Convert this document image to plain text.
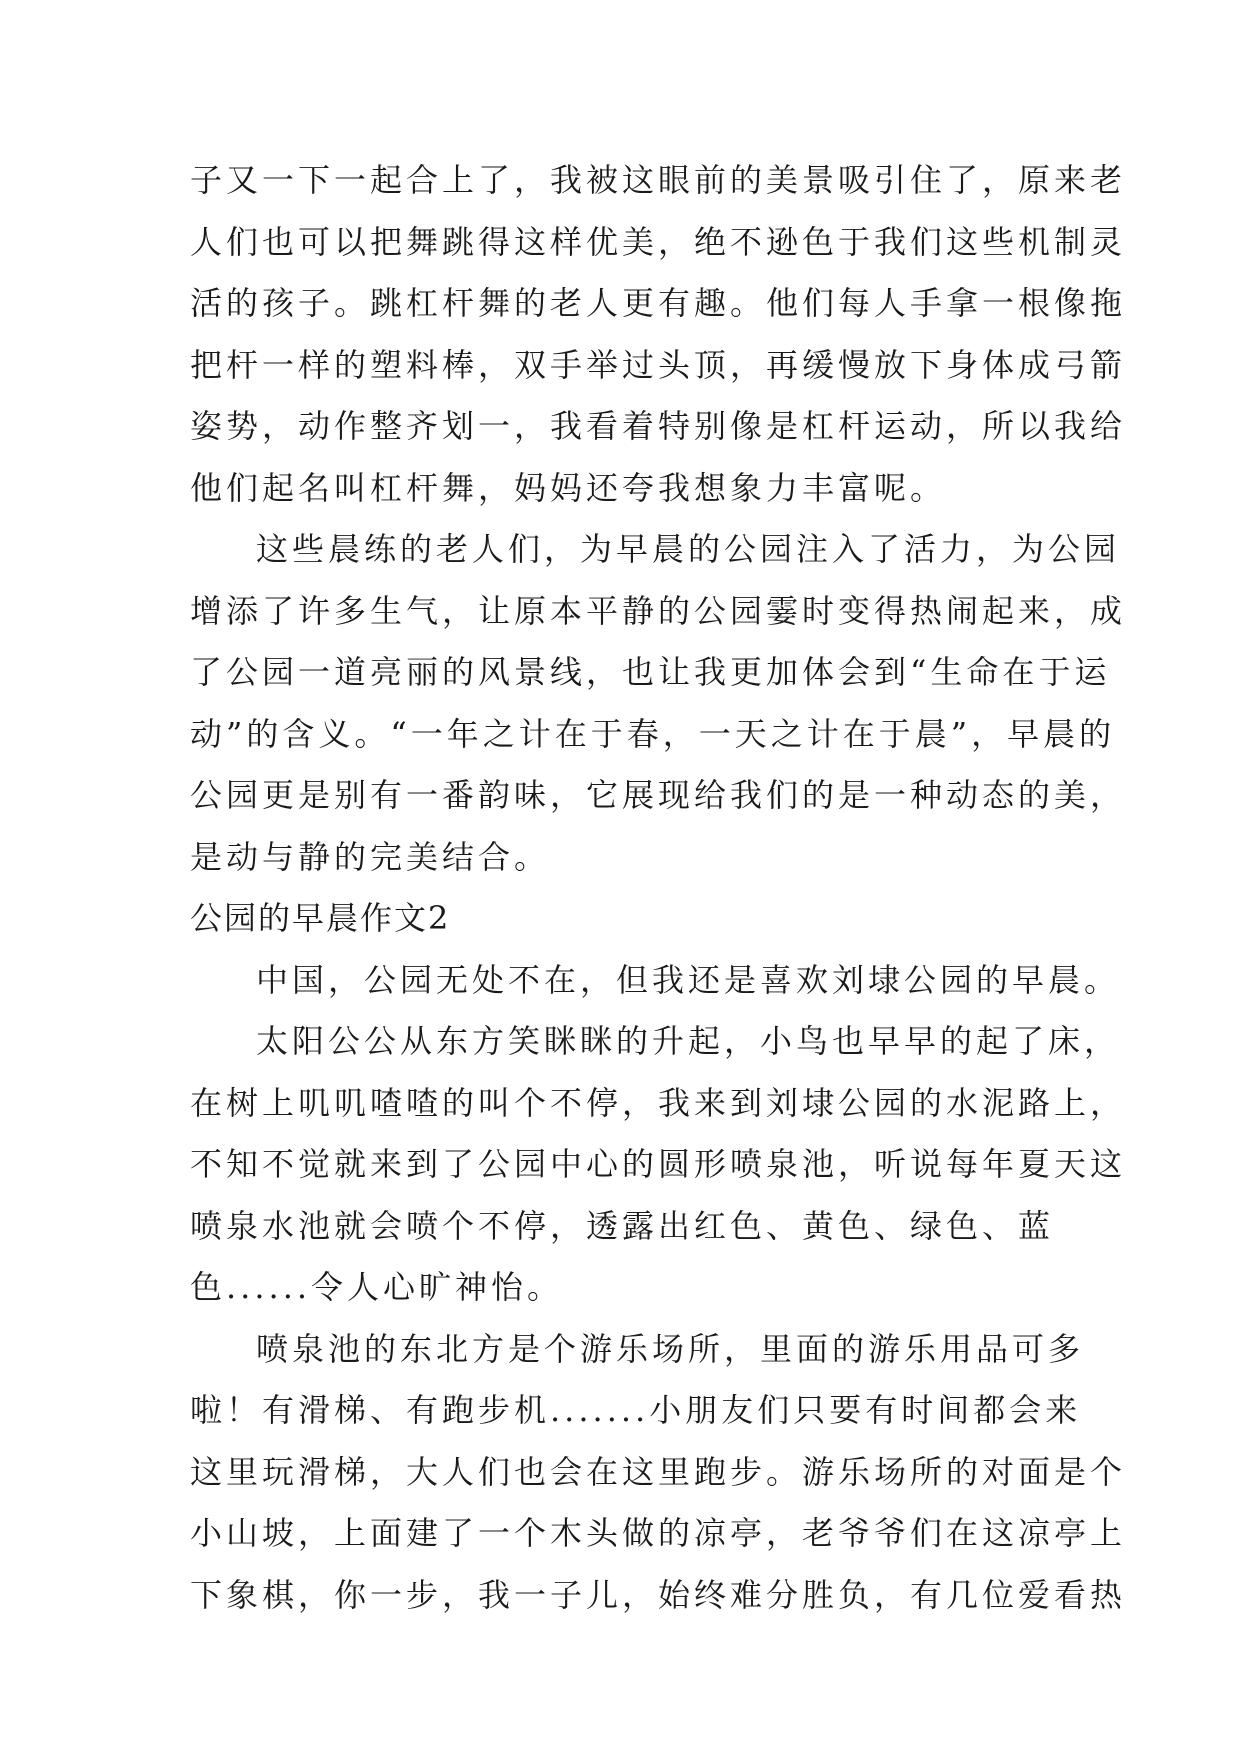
子又一下一起合上了，我被这眼前的美景吸引住了，原来老
人们也可以把舞跳得这样优美，绝不逊色于我们这些机制灵
活的孩子。跳杠杆舞的老人更有趣。他们每人手拿一根像拖
把杆一样的塑料棒，双手举过头顶，再缓慢放下身体成弓箭
姿势，动作整齐划一，我看着特别像是杠杆运动，所以我给
他们起名叫杠杆舞，妈妈还夸我想象力丰富呢。
这些晨练的老人们，为早晨的公园注入了活力，为公园
增添了许多生气，让原本平静的公园霎时变得热闹起来，成
了公园一道亮丽的风景线，也让我更加体会到“生命在于运
动”的含义。“一年之计在于春，一天之计在于晨”，早晨的
公园更是别有一番韵味，它展现给我们的是一种动态的美，
是动与静的完美结合。
公园的早晨作文2
中国，公园无处不在，但我还是喜欢刘埭公园的早晨。
太阳公公从东方笑眯眯的升起，小鸟也早早的起了床，
在树上叽叽喳喳的叫个不停，我来到刘埭公园的水泥路上，
不知不觉就来到了公园中心的圆形喷泉池，听说每年夏天这
喷泉水池就会喷个不停，透露出红色、黄色、绿色、蓝
色......令人心旷神怡。
喷泉池的东北方是个游乐场所，里面的游乐用品可多
啦！有滑梯、有跑步机.......小朋友们只要有时间都会来
这里玩滑梯，大人们也会在这里跑步。游乐场所的对面是个
小山坡，上面建了一个木头做的凉亭，老爷爷们在这凉亭上
下象棋，你一步，我一子儿，始终难分胜负，有几位爱看热
